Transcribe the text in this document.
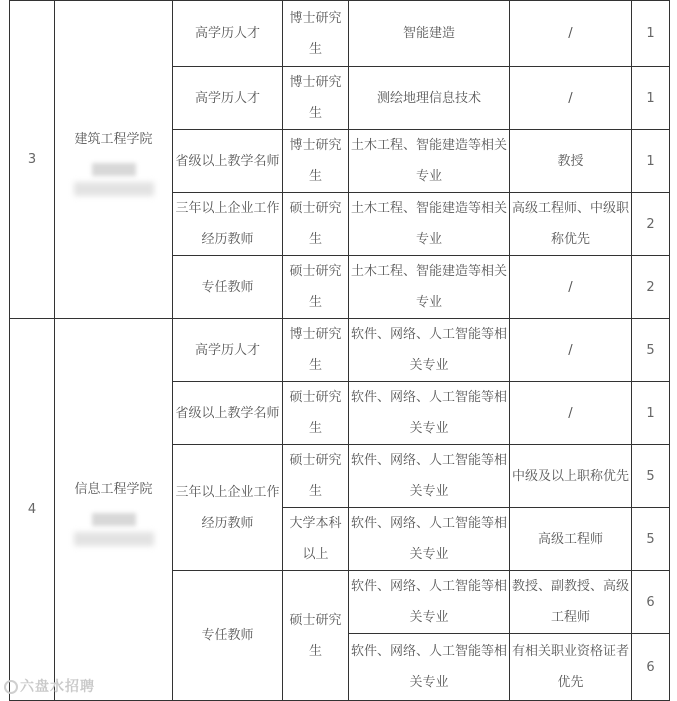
3	建筑工程学院	高学历人才	博士研究生	智能建造	/	1
		高学历人才	博士研究生	测绘地理信息技术	/	1
		省级以上教学名师	博士研究生	土木工程、智能建造等相关专业	教授	1
		三年以上企业工作经历教师	硕士研究生	土木工程、智能建造等相关专业	高级工程师、中级职称优先	2
		专任教师	硕士研究生	土木工程、智能建造等相关专业	/	2
4	信息工程学院	高学历人才	博士研究生	软件、网络、人工智能等相关专业	/	5
		省级以上教学名师	硕士研究生	软件、网络、人工智能等相关专业	/	1
		三年以上企业工作经历教师	硕士研究生	软件、网络、人工智能等相关专业	中级及以上职称优先	5
			大学本科以上	软件、网络、人工智能等相关专业	高级工程师	5
		专任教师	硕士研究生	软件、网络、人工智能等相关专业	教授、副教授、高级工程师	6
				软件、网络、人工智能等相关专业	有相关职业资格证者优先	6
六盘水招聘
